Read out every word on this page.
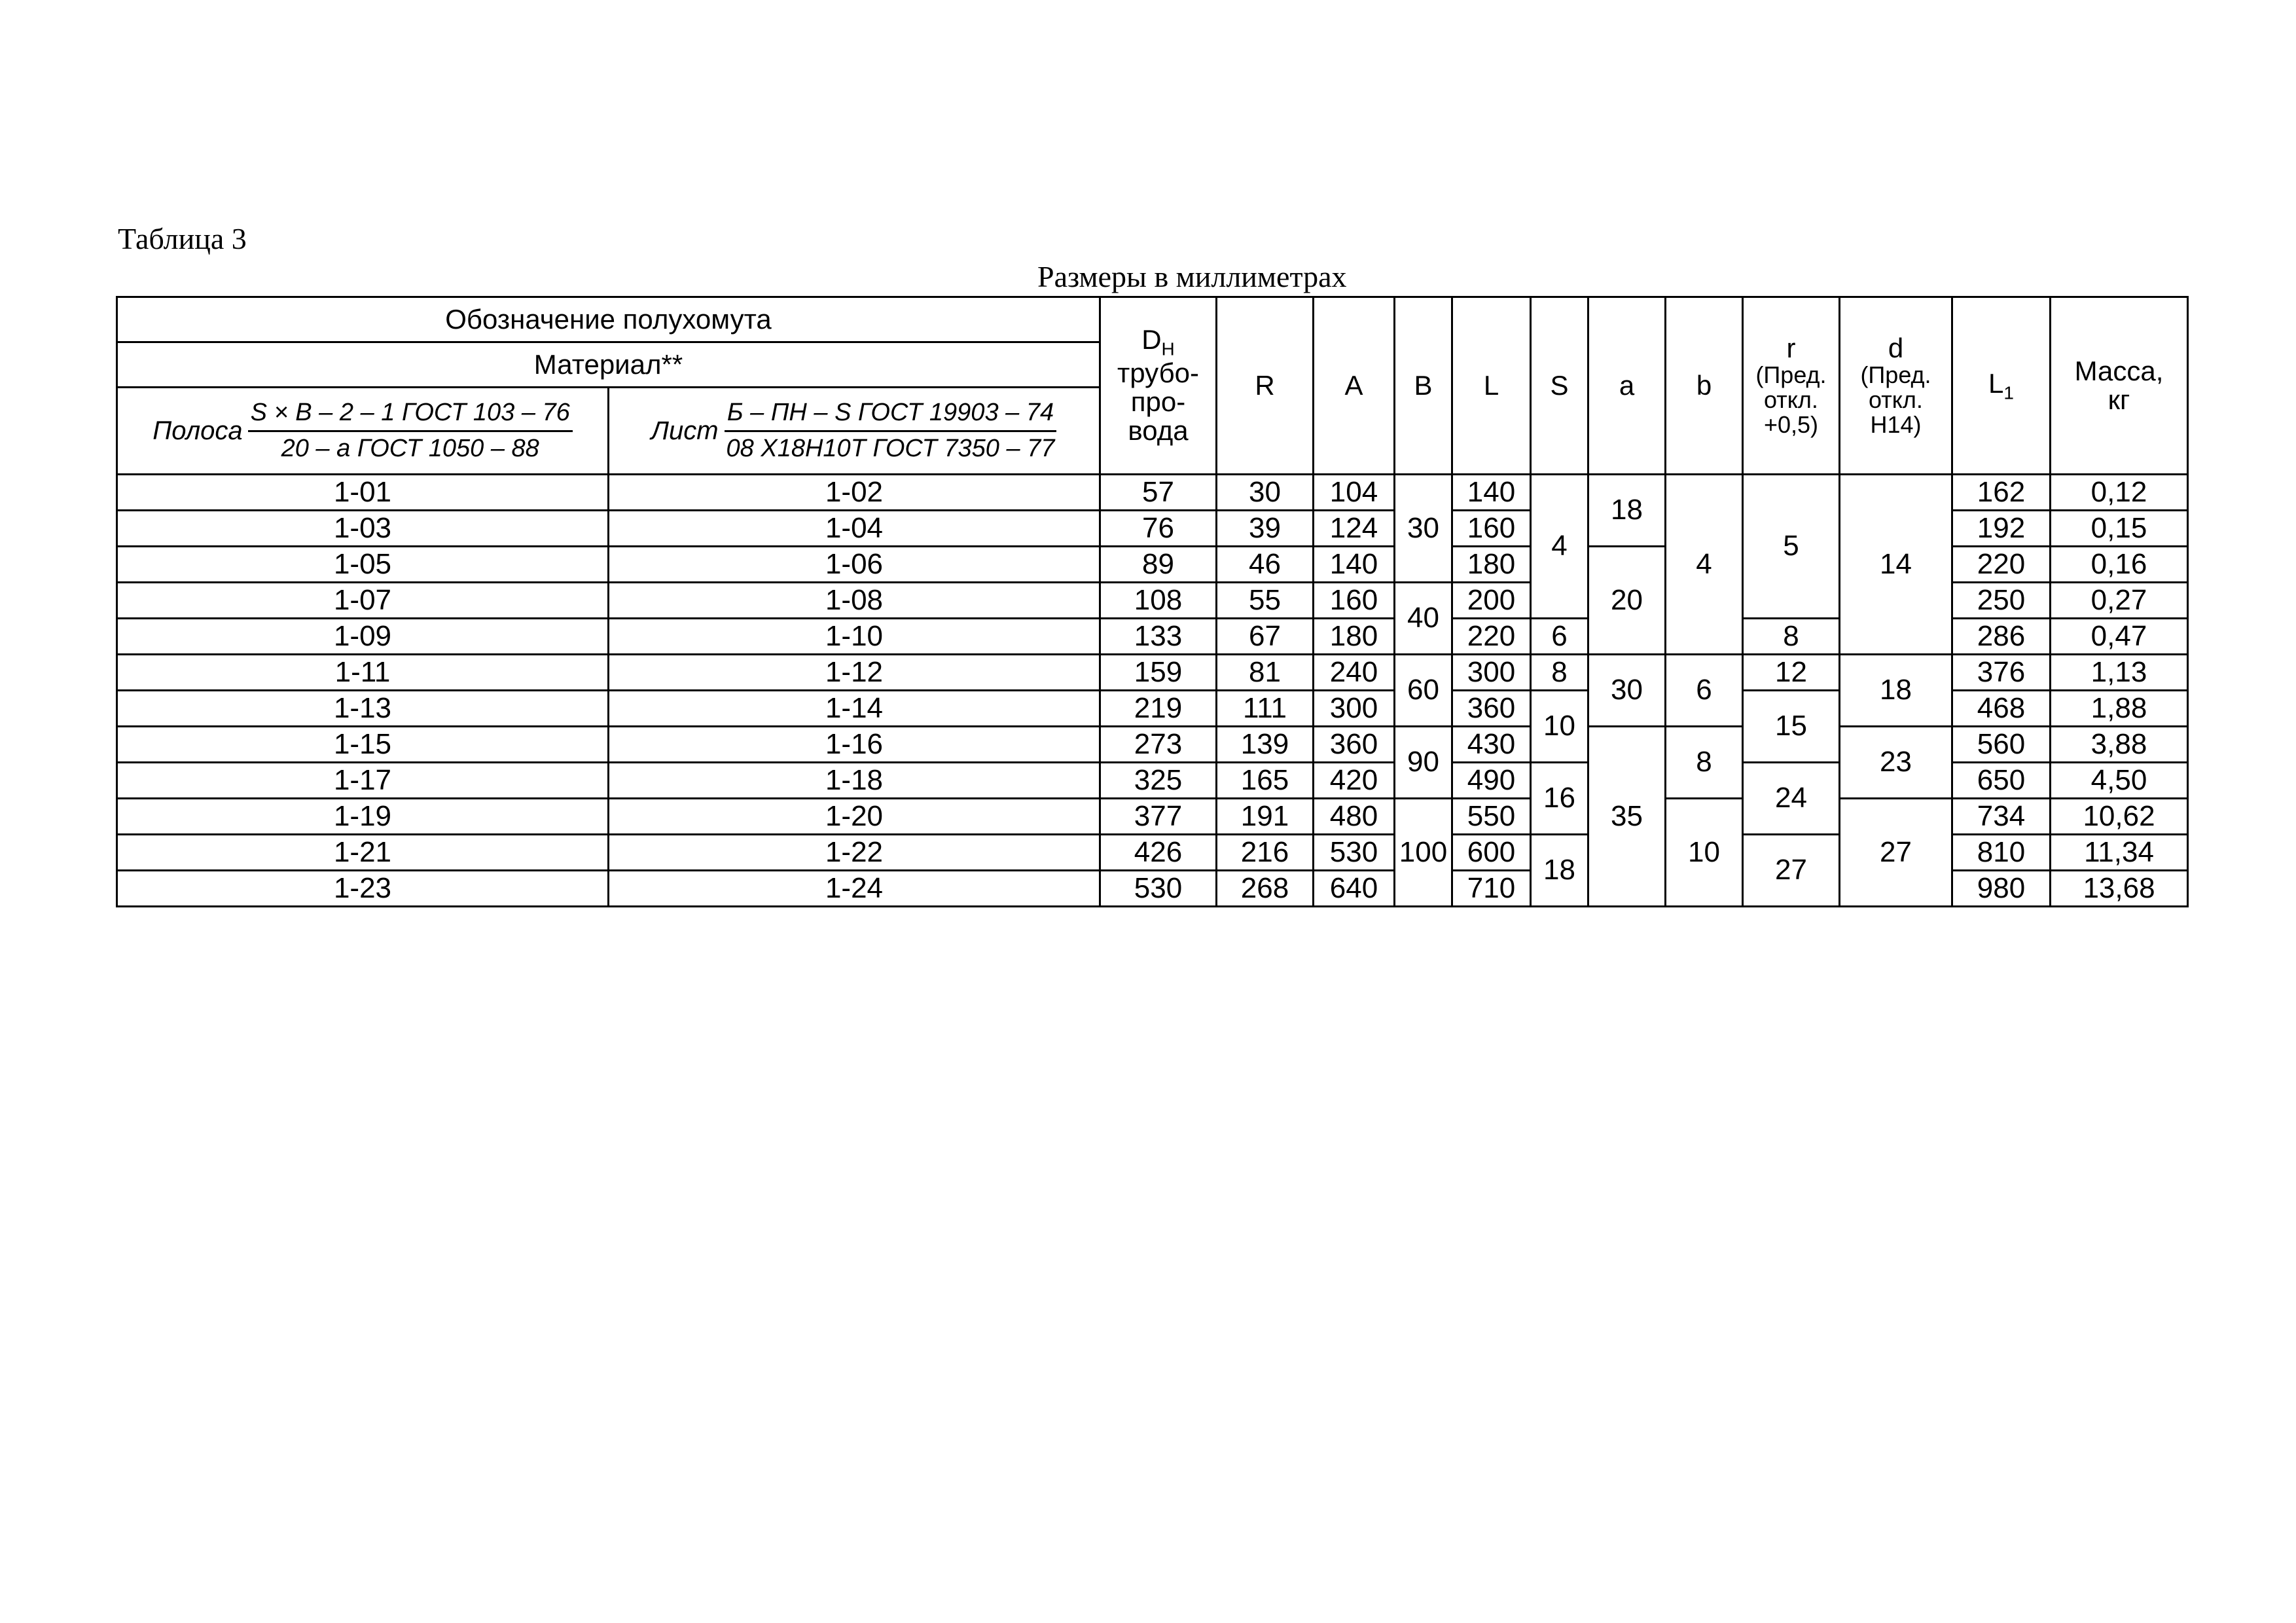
Таблица 3
Размеры в миллиметрах
Обозначение полухомута		$D_Н$
трубо-
про-
вода	R	A	B	L	S	a	b	r
(Пред.
откл.
+0,5)	d
(Пред.
откл.
Н14)	$L_1$	Масса,
кг

Материал**													

Полоса $\frac{\text{S × B – 2 – 1 ГОСТ 103 – 76}}{\text{20 – а ГОСТ 1050 – 88}}$	Лист $\frac{\text{Б – ПН – S ГОСТ 19903 – 74}}{\text{08 Х18Н10Т ГОСТ 7350 – 77}}$

1-01	1-02	57	30	104	30	140	4	18	4	5	14	162	0,12
1-03	1-04	76	39	124		160						192	0,15
1-05	1-06	89	46	140		180		20				220	0,16
1-07	1-08	108	55	160	40	200						250	0,27
1-09	1-10	133	67	180		220	6			8		286	0,47
1-11	1-12	159	81	240	60	300	8	30	6	12	18	376	1,13
1-13	1-14	219	111	300		360	10			15		468	1,88
1-15	1-16	273	139	360	90	430		35	8		23	560	3,88
1-17	1-18	325	165	420		490	16			24		650	4,50
1-19	1-20	377	191	480	100	550			10		27	734	10,62
1-21	1-22	426	216	530		600	18			27		810	11,34
1-23	1-24	530	268	640		710						980	13,68
